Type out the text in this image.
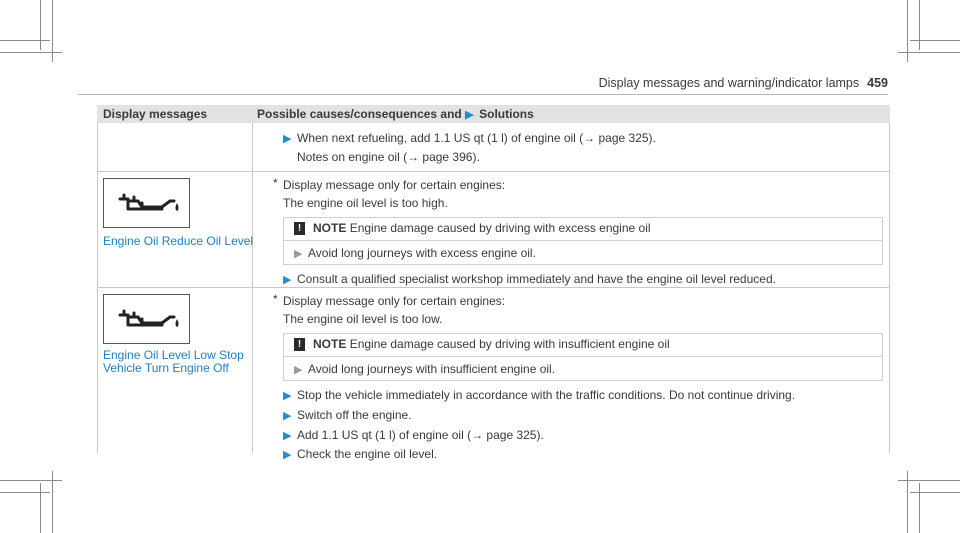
Display messages and warning/indicator lamps 459
Display messages	Possible causes/consequences and ▶ Solutions
▶ When next refueling, add 1.1 US qt (1 l) of engine oil (→ page 325).
Notes on engine oil (→ page 396).
Engine Oil Reduce Oil Level
* Display message only for certain engines:
The engine oil level is too high.
! NOTE Engine damage caused by driving with excess engine oil
▶ Avoid long journeys with excess engine oil.
▶ Consult a qualified specialist workshop immediately and have the engine oil level reduced.
Engine Oil Level Low Stop
Vehicle Turn Engine Off
* Display message only for certain engines:
The engine oil level is too low.
! NOTE Engine damage caused by driving with insufficient engine oil
▶ Avoid long journeys with insufficient engine oil.
▶ Stop the vehicle immediately in accordance with the traffic conditions. Do not continue driving.
▶ Switch off the engine.
▶ Add 1.1 US qt (1 l) of engine oil (→ page 325).
▶ Check the engine oil level.
